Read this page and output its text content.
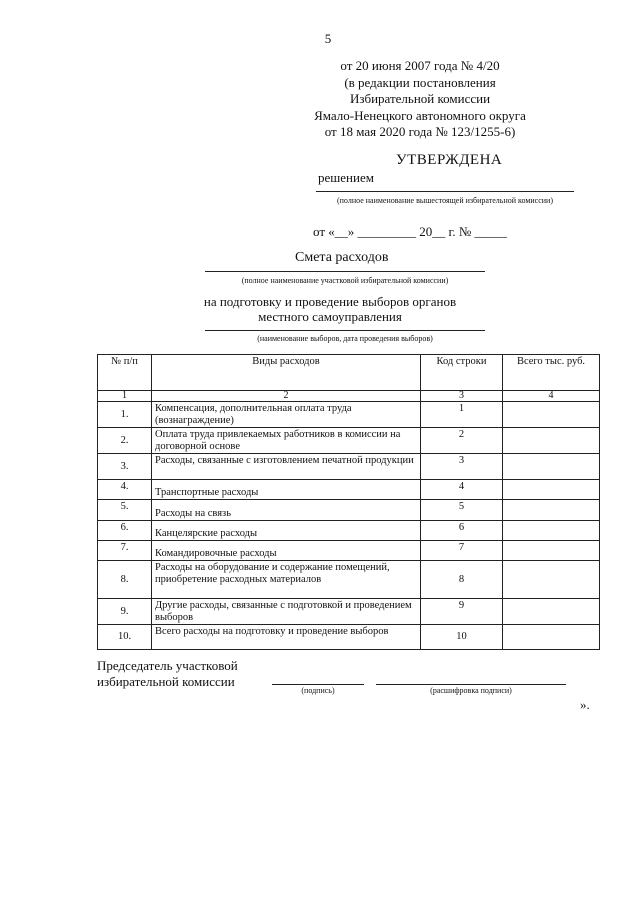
5
от 20 июня 2007 года № 4/20
(в редакции постановления
Избирательной комиссии
Ямало-Ненецкого автономного округа
от 18 мая 2020 года № 123/1255-6)
УТВЕРЖДЕНА
решением
(полное наименование вышестоящей избирательной комиссии)
от «__» _________ 20__ г. № _____
Смета расходов
(полное наименование участковой избирательной комиссии)
на подготовку и проведение выборов органов
местного самоуправления
(наименование выборов, дата проведения выборов)
№ п/п	Виды расходов	Код строки	Всего тыс. руб.
1	2	3	4
1.	Компенсация, дополнительная оплата труда (вознаграждение)	1	
2.	Оплата труда привлекаемых работников в комиссии на договорной основе	2	
3.	Расходы, связанные с изготовлением печатной продукции	3	
4.	Транспортные расходы	4	
5.	Расходы на связь	5	
6.	Канцелярские расходы	6	
7.	Командировочные расходы	7	
8.	Расходы на оборудование и содержание помещений, приобретение расходных материалов	8	
9.	Другие расходы, связанные с подготовкой и проведением выборов	9	
10.	Всего расходы на подготовку и проведение выборов	10	
Председатель участковой
избирательной комиссии
(подпись)	(расшифровка подписи)
».
